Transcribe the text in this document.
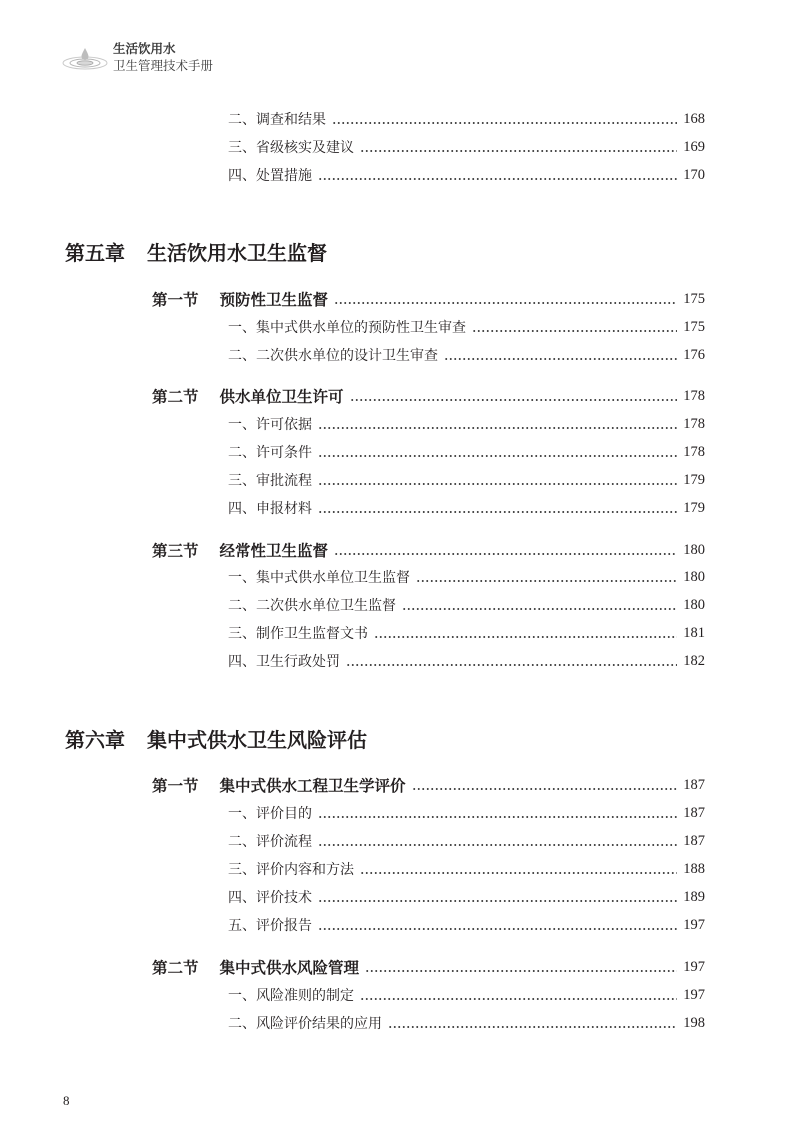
生活饮用水
卫生管理技术手册
二、调查和结果	168
三、省级核实及建议	169
四、处置措施	170
第五章 生活饮用水卫生监督
第一节 预防性卫生监督	175
一、集中式供水单位的预防性卫生审查	175
二、二次供水单位的设计卫生审查	176
第二节 供水单位卫生许可	178
一、许可依据	178
二、许可条件	178
三、审批流程	179
四、申报材料	179
第三节 经常性卫生监督	180
一、集中式供水单位卫生监督	180
二、二次供水单位卫生监督	180
三、制作卫生监督文书	181
四、卫生行政处罚	182
第六章 集中式供水卫生风险评估
第一节 集中式供水工程卫生学评价	187
一、评价目的	187
二、评价流程	187
三、评价内容和方法	188
四、评价技术	189
五、评价报告	197
第二节 集中式供水风险管理	197
一、风险准则的制定	197
二、风险评价结果的应用	198
8
